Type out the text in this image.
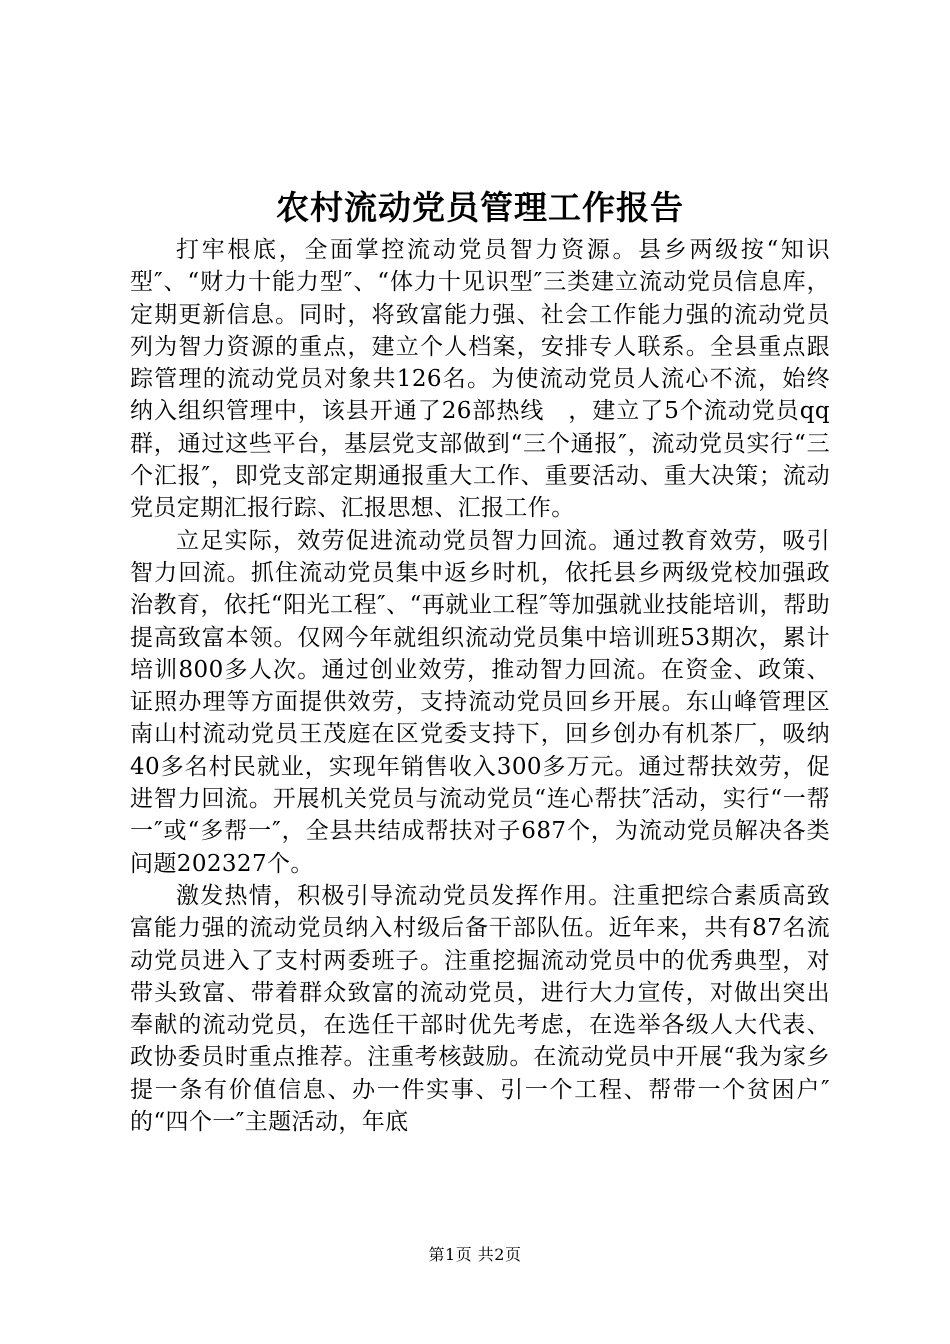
农村流动党员管理工作报告

打牢根底，全面掌控流动党员智力资源。县乡两级按“知识型″、“财力十能力型″、“体力十见识型″三类建立流动党员信息库，定期更新信息。同时，将致富能力强、社会工作能力强的流动党员列为智力资源的重点，建立个人档案，安排专人联系。全县重点跟踪管理的流动党员对象共126名。为使流动党员人流心不流，始终纳入组织管理中，该县开通了26部热线　，建立了5个流动党员qq群，通过这些平台，基层党支部做到“三个通报″，流动党员实行“三个汇报″，即党支部定期通报重大工作、重要活动、重大决策；流动党员定期汇报行踪、汇报思想、汇报工作。

立足实际，效劳促进流动党员智力回流。通过教育效劳，吸引智力回流。抓住流动党员集中返乡时机，依托县乡两级党校加强政治教育，依托“阳光工程″、“再就业工程″等加强就业技能培训，帮助提高致富本领。仅网今年就组织流动党员集中培训班53期次，累计培训800多人次。通过创业效劳，推动智力回流。在资金、政策、证照办理等方面提供效劳，支持流动党员回乡开展。东山峰管理区南山村流动党员王茂庭在区党委支持下，回乡创办有机茶厂，吸纳40多名村民就业，实现年销售收入300多万元。通过帮扶效劳，促进智力回流。开展机关党员与流动党员“连心帮扶″活动，实行“一帮一″或“多帮一″，全县共结成帮扶对子687个，为流动党员解决各类问题202327个。

激发热情，积极引导流动党员发挥作用。注重把综合素质高致富能力强的流动党员纳入村级后备干部队伍。近年来，共有87名流动党员进入了支村两委班子。注重挖掘流动党员中的优秀典型，对带头致富、带着群众致富的流动党员，进行大力宣传，对做出突出奉献的流动党员，在选任干部时优先考虑，在选举各级人大代表、政协委员时重点推荐。注重考核鼓励。在流动党员中开展“我为家乡提一条有价值信息、办一件实事、引一个工程、帮带一个贫困户″的“四个一″主题活动，年底

第1页 共2页
